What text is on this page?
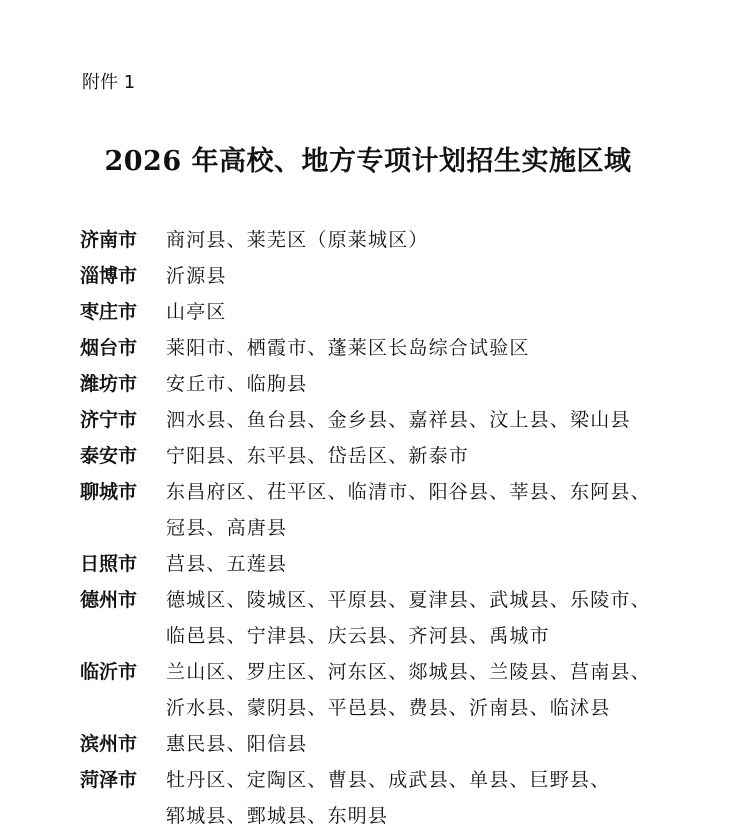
附件 1
2026 年高校、地方专项计划招生实施区域
济南市	商河县、莱芜区（原莱城区）
淄博市	沂源县
枣庄市	山亭区
烟台市	莱阳市、栖霞市、蓬莱区长岛综合试验区
潍坊市	安丘市、临朐县
济宁市	泗水县、鱼台县、金乡县、嘉祥县、汶上县、梁山县
泰安市	宁阳县、东平县、岱岳区、新泰市
聊城市	东昌府区、茌平区、临清市、阳谷县、莘县、东阿县、
冠县、高唐县
日照市	莒县、五莲县
德州市	德城区、陵城区、平原县、夏津县、武城县、乐陵市、
临邑县、宁津县、庆云县、齐河县、禹城市
临沂市	兰山区、罗庄区、河东区、郯城县、兰陵县、莒南县、
沂水县、蒙阴县、平邑县、费县、沂南县、临沭县
滨州市	惠民县、阳信县
菏泽市	牡丹区、定陶区、曹县、成武县、单县、巨野县、
郓城县、鄄城县、东明县
